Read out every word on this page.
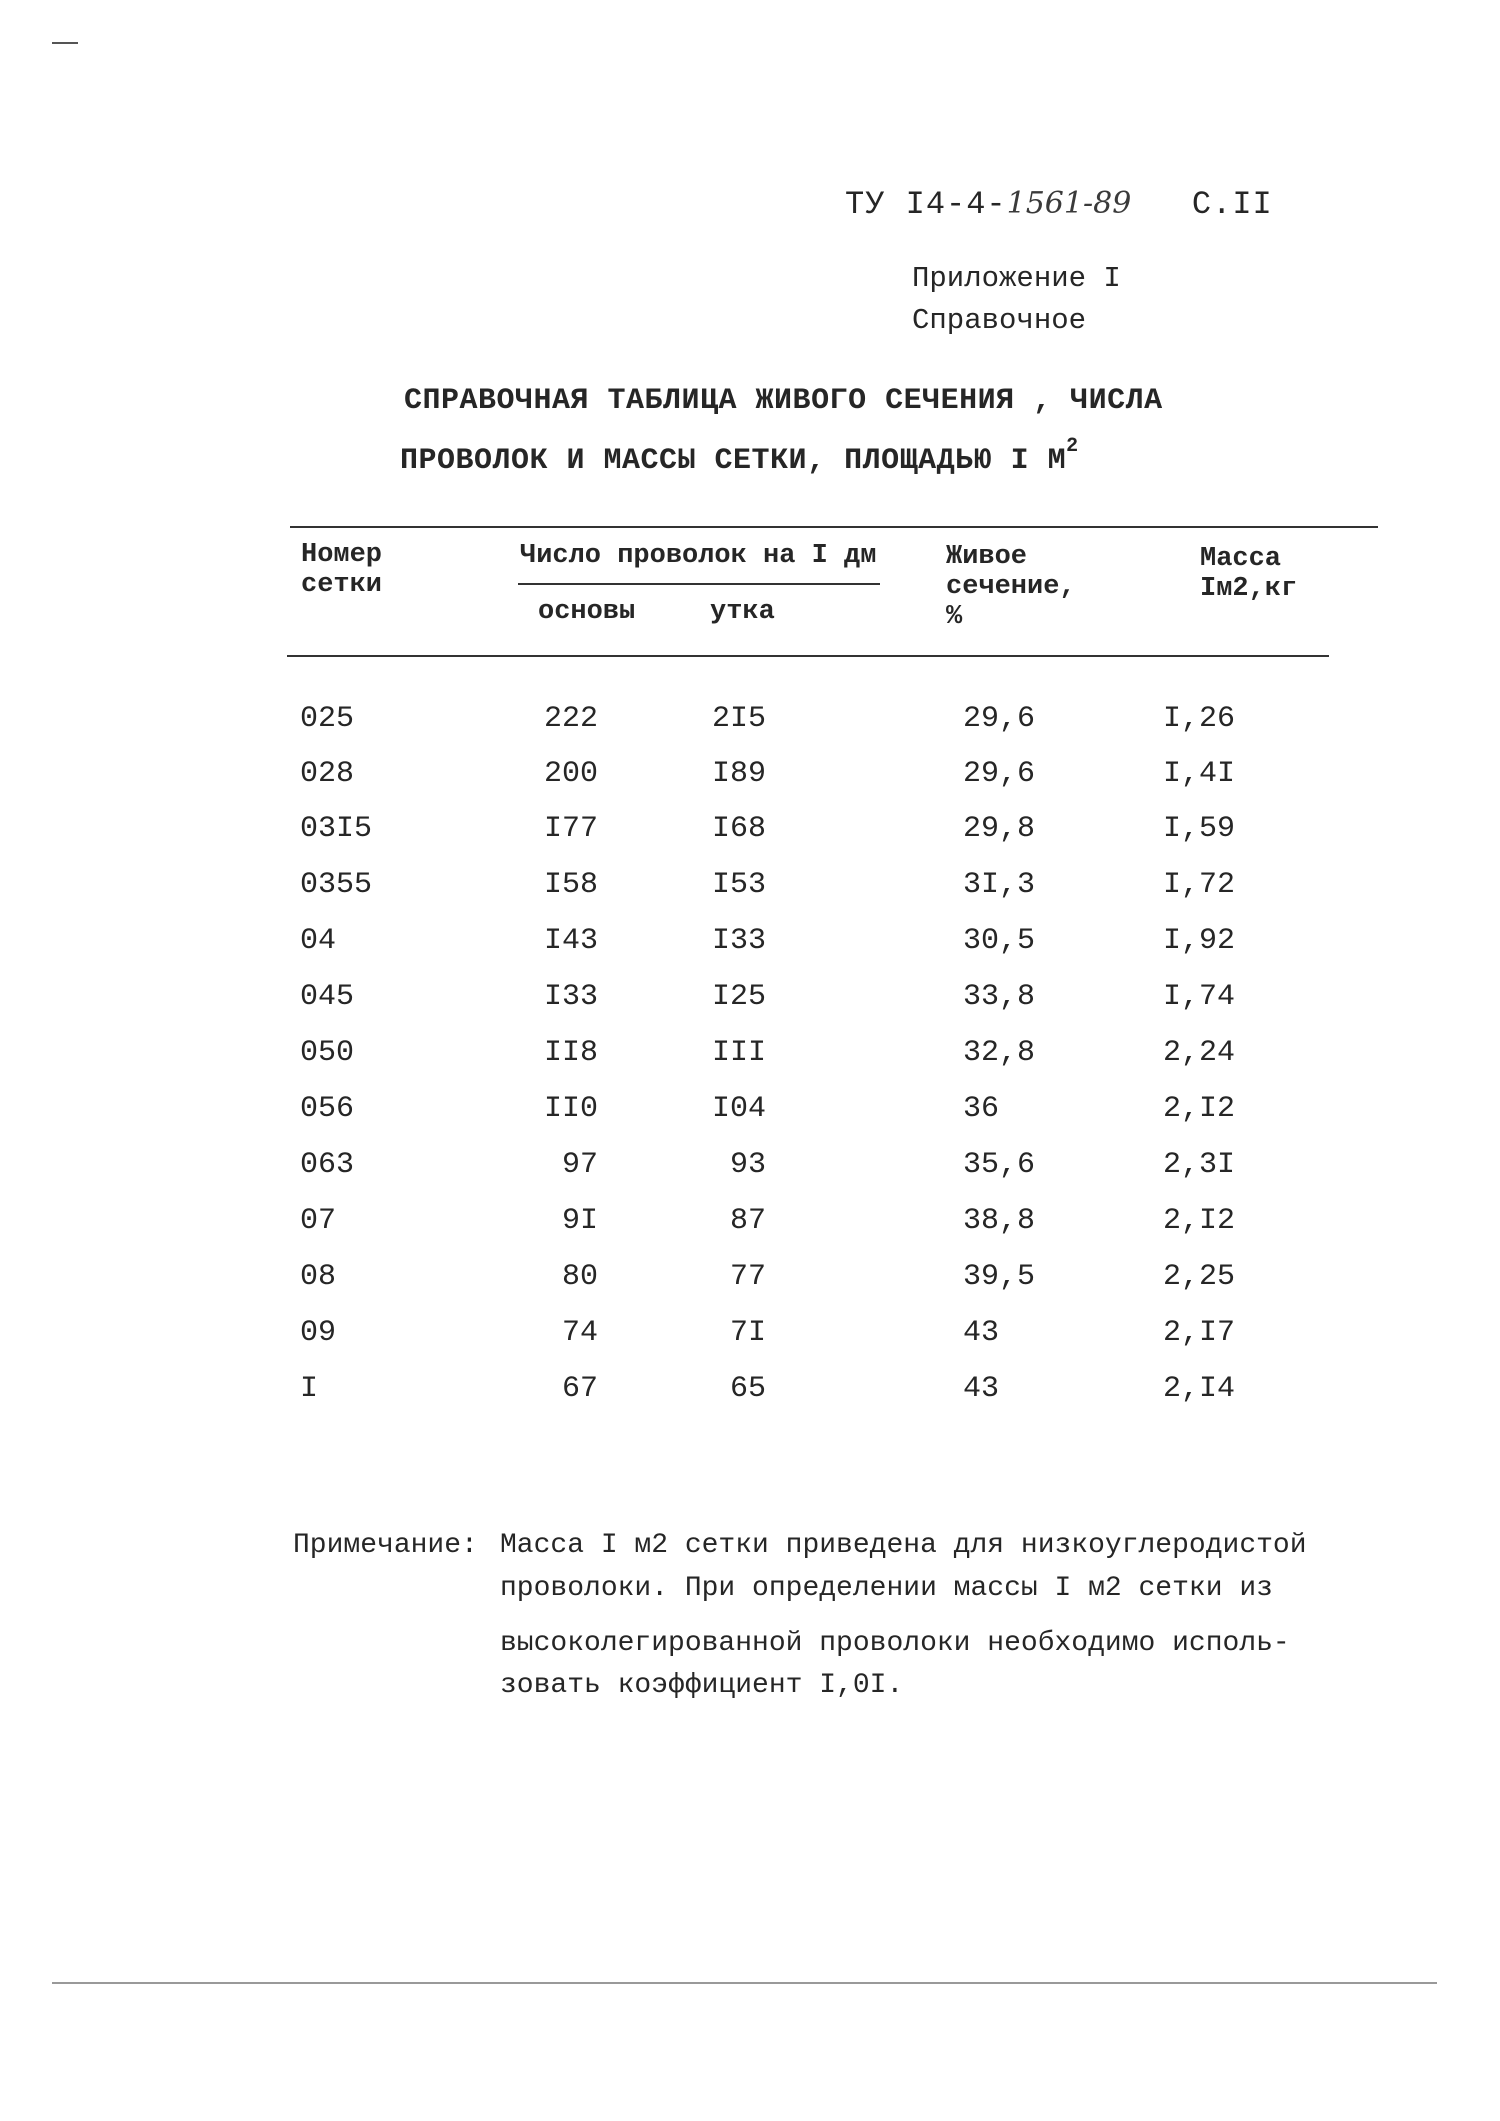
ТУ I4-4-1561-89 С.II
Приложение I
Справочное
СПРАВОЧНАЯ ТАБЛИЦА ЖИВОГО СЕЧЕНИЯ , ЧИСЛА
ПРОВОЛОК И МАССЫ СЕТКИ, ПЛОЩАДЬЮ I $М^2$
Номер
сетки
Число проволок на I дм
основы	утка
Живое
сечение,
%
Масса
Iм2,кг
025	222	2I5	29,6	I,26
028	200	I89	29,6	I,4I
03I5	I77	I68	29,8	I,59
0355	I58	I53	3I,3	I,72
04	I43	I33	30,5	I,92
045	I33	I25	33,8	I,74
050	II8	III	32,8	2,24
056	II0	I04	36	2,I2
063	97	93	35,6	2,3I
07	9I	87	38,8	2,I2
08	80	77	39,5	2,25
09	74	7I	43	2,I7
I	67	65	43	2,I4
Примечание: Масса I м2 сетки приведена для низкоуглеродистой
проволоки. При определении массы I м2 сетки из
высоколегированной проволоки необходимо исполь-
зовать коэффициент I,0I.
